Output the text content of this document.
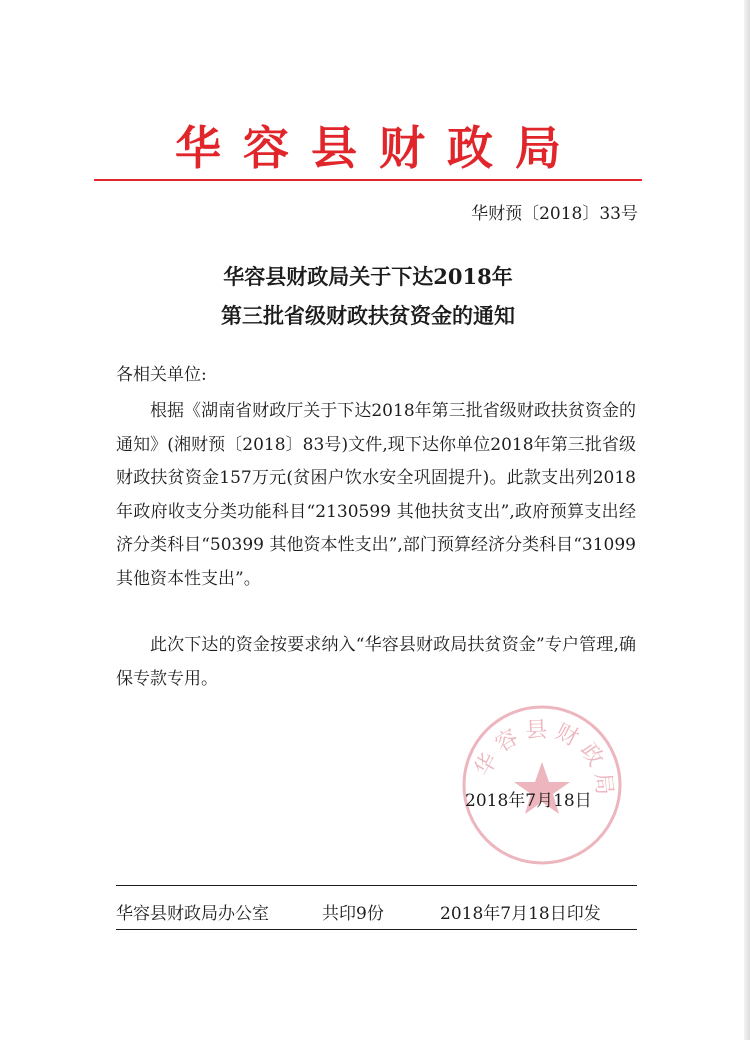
华容县财政局
华财预〔2018〕33号
华容县财政局关于下达2018年
第三批省级财政扶贫资金的通知
各相关单位:
根据《湖南省财政厅关于下达2018年第三批省级财政扶贫资金的通知》(湘财预〔2018〕83号)文件,现下达你单位2018年第三批省级财政扶贫资金157万元(贫困户饮水安全巩固提升)。此款支出列2018年政府收支分类功能科目“2130599 其他扶贫支出”,政府预算支出经济分类科目“50399 其他资本性支出”,部门预算经济分类科目“31099其他资本性支出”。
此次下达的资金按要求纳入“华容县财政局扶贫资金”专户管理,确保专款专用。
华容县财政局
2018年7月18日
华容县财政局办公室	共印9份	2018年7月18日印发
